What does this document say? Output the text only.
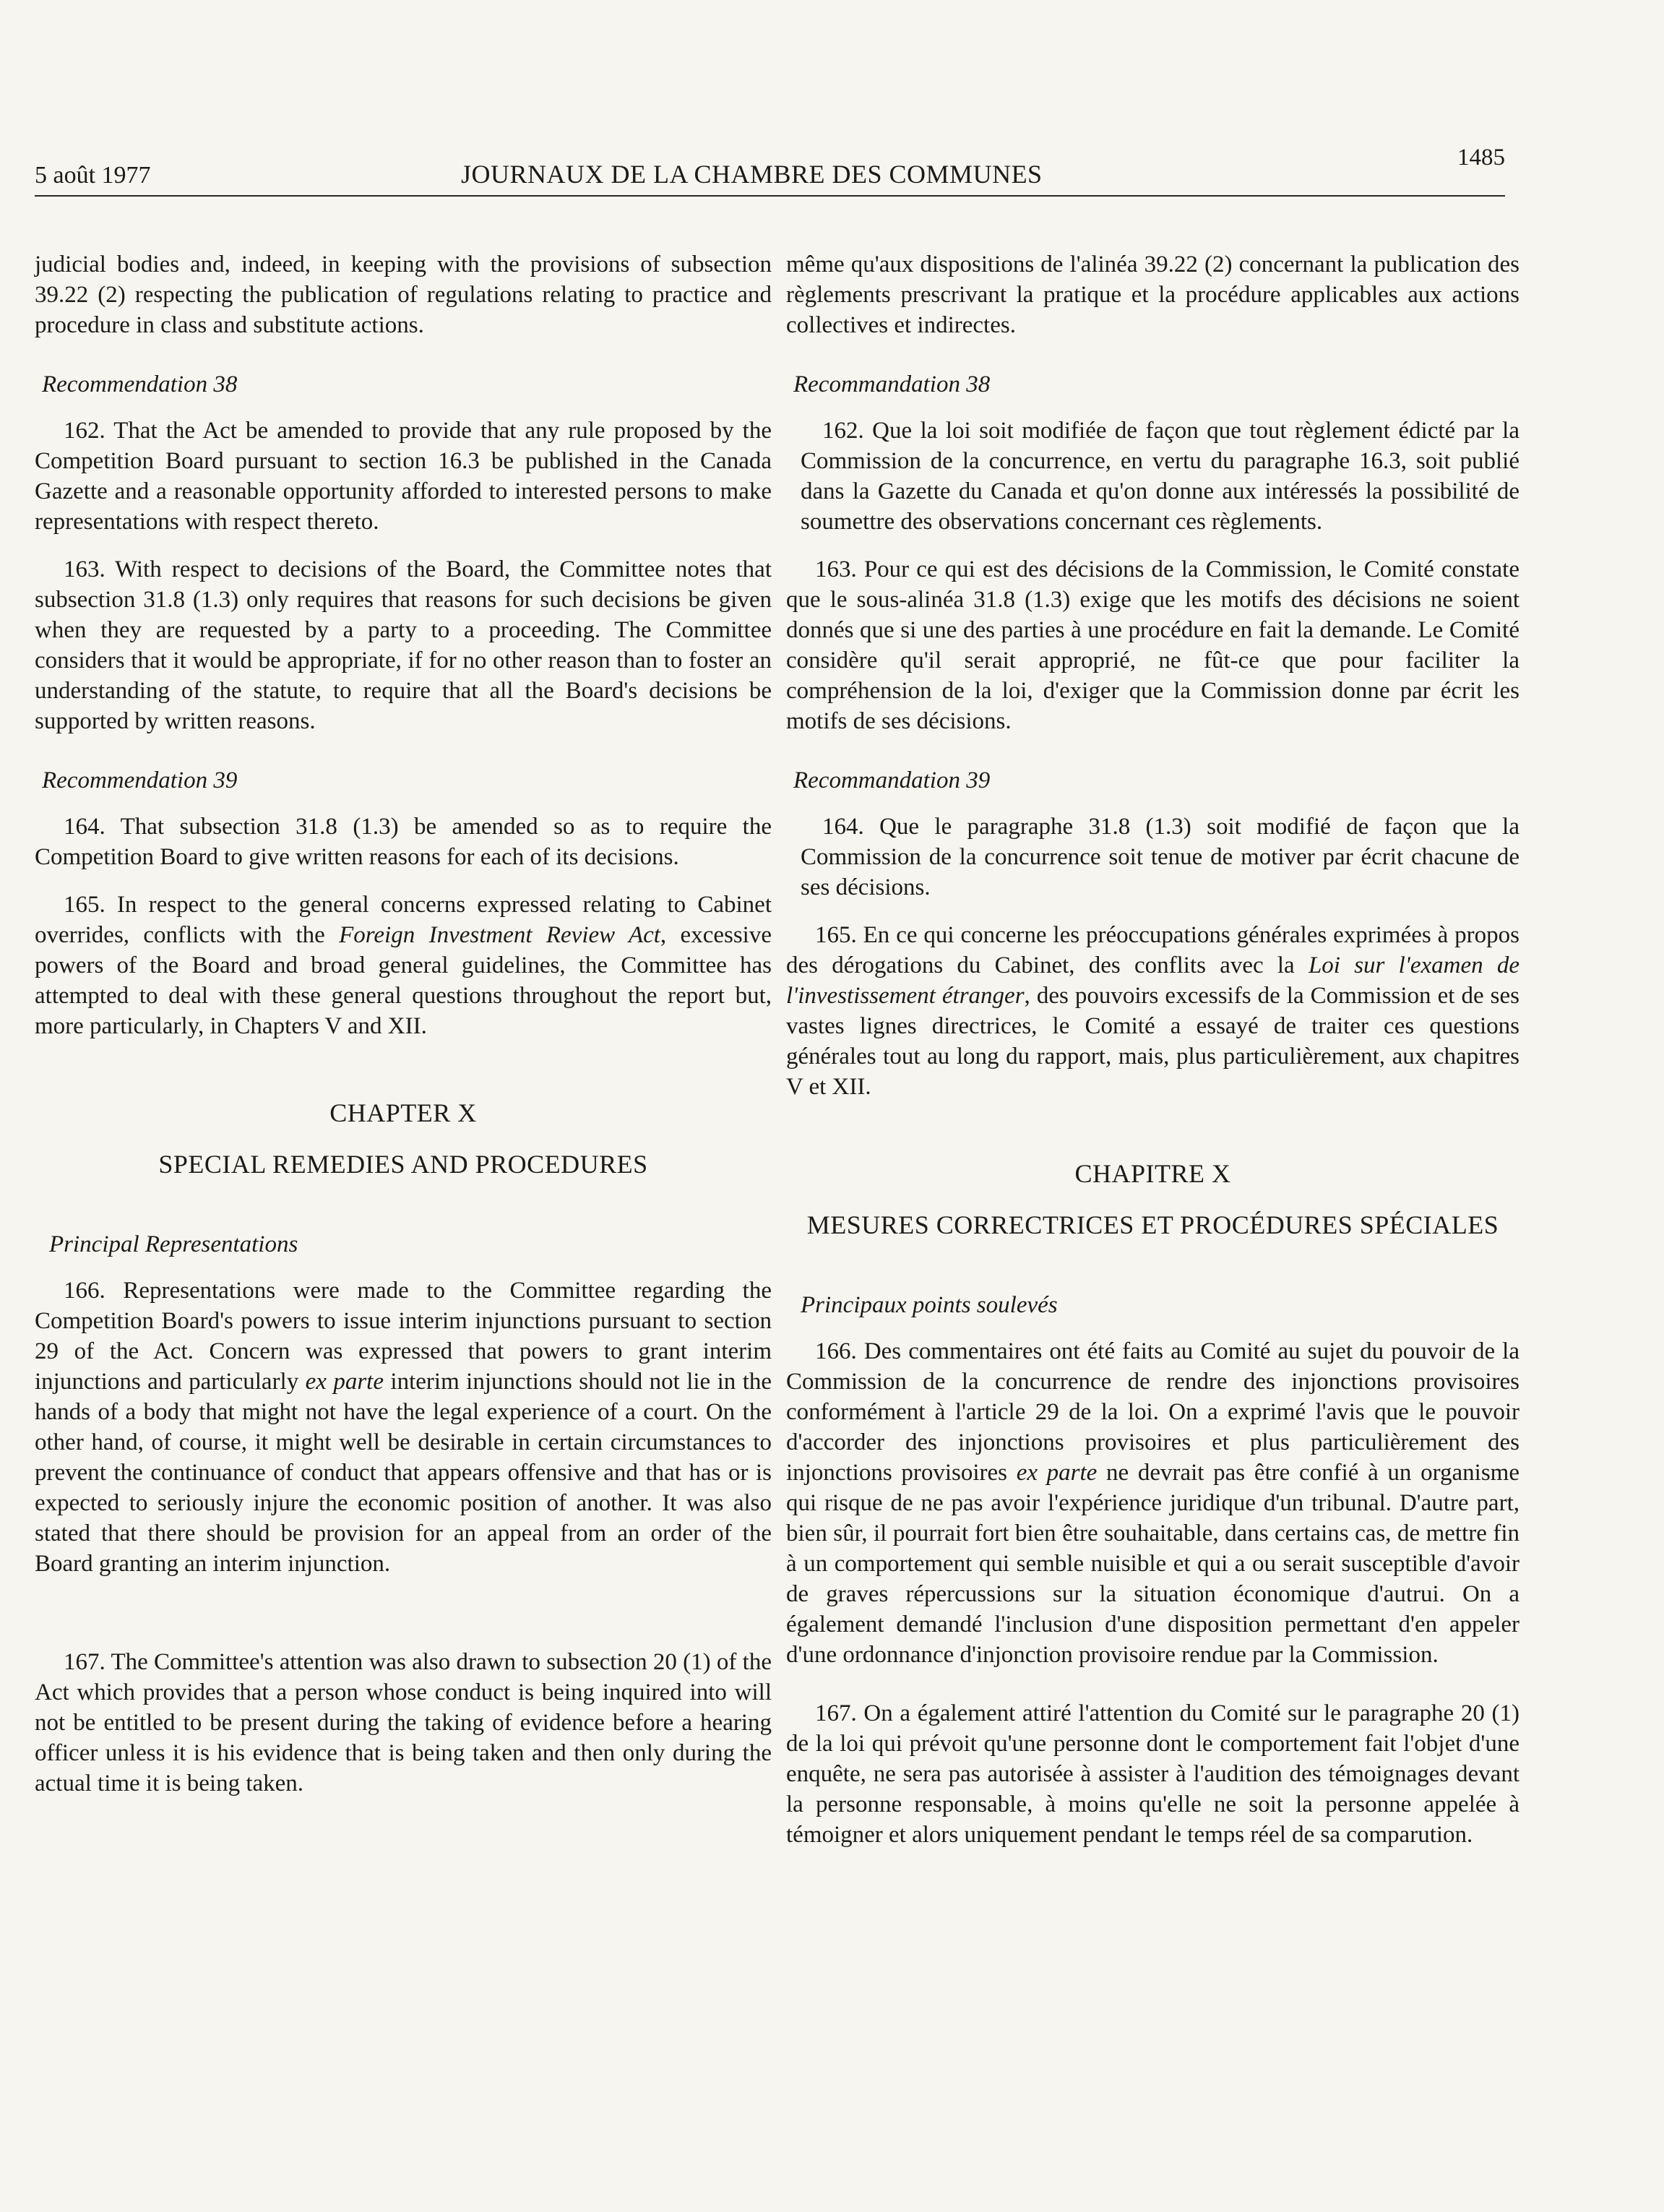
5 août 1977	JOURNAUX DE LA CHAMBRE DES COMMUNES
1485

judicial bodies and, indeed, in keeping with the provisions of subsection 39.22 (2) respecting the publication of regulations relating to practice and procedure in class and substitute actions.

Recommendation 38

162. That the Act be amended to provide that any rule proposed by the Competition Board pursuant to section 16.3 be published in the Canada Gazette and a reasonable opportunity afforded to interested persons to make representations with respect thereto.

163. With respect to decisions of the Board, the Committee notes that subsection 31.8 (1.3) only requires that reasons for such decisions be given when they are requested by a party to a proceeding. The Committee considers that it would be appropriate, if for no other reason than to foster an understanding of the statute, to require that all the Board's decisions be supported by written reasons.

Recommendation 39

164. That subsection 31.8 (1.3) be amended so as to require the Competition Board to give written reasons for each of its decisions.

165. In respect to the general concerns expressed relating to Cabinet overrides, conflicts with the Foreign Investment Review Act, excessive powers of the Board and broad general guidelines, the Committee has attempted to deal with these general questions throughout the report but, more particularly, in Chapters V and XII.

CHAPTER X
SPECIAL REMEDIES AND PROCEDURES
Principal Representations

166. Representations were made to the Committee regarding the Competition Board's powers to issue interim injunctions pursuant to section 29 of the Act. Concern was expressed that powers to grant interim injunctions and particularly ex parte interim injunctions should not lie in the hands of a body that might not have the legal experience of a court. On the other hand, of course, it might well be desirable in certain circumstances to prevent the continuance of conduct that appears offensive and that has or is expected to seriously injure the economic position of another. It was also stated that there should be provision for an appeal from an order of the Board granting an interim injunction.

167. The Committee's attention was also drawn to subsection 20 (1) of the Act which provides that a person whose conduct is being inquired into will not be entitled to be present during the taking of evidence before a hearing officer unless it is his evidence that is being taken and then only during the actual time it is being taken.

même qu'aux dispositions de l'alinéa 39.22 (2) concernant la publication des règlements prescrivant la pratique et la procédure applicables aux actions collectives et indirectes.

Recommandation 38

162. Que la loi soit modifiée de façon que tout règlement édicté par la Commission de la concurrence, en vertu du paragraphe 16.3, soit publié dans la Gazette du Canada et qu'on donne aux intéressés la possibilité de soumettre des observations concernant ces règlements.

163. Pour ce qui est des décisions de la Commission, le Comité constate que le sous-alinéa 31.8 (1.3) exige que les motifs des décisions ne soient donnés que si une des parties à une procédure en fait la demande. Le Comité considère qu'il serait approprié, ne fût-ce que pour faciliter la compréhension de la loi, d'exiger que la Commission donne par écrit les motifs de ses décisions.

Recommandation 39

164. Que le paragraphe 31.8 (1.3) soit modifié de façon que la Commission de la concurrence soit tenue de motiver par écrit chacune de ses décisions.

165. En ce qui concerne les préoccupations générales exprimées à propos des dérogations du Cabinet, des conflits avec la Loi sur l'examen de l'investissement étranger, des pouvoirs excessifs de la Commission et de ses vastes lignes directrices, le Comité a essayé de traiter ces questions générales tout au long du rapport, mais, plus particulièrement, aux chapitres V et XII.

CHAPITRE X
MESURES CORRECTRICES ET PROCÉDURES SPÉCIALES
Principaux points soulevés

166. Des commentaires ont été faits au Comité au sujet du pouvoir de la Commission de la concurrence de rendre des injonctions provisoires conformément à l'article 29 de la loi. On a exprimé l'avis que le pouvoir d'accorder des injonctions provisoires et plus particulièrement des injonctions provisoires ex parte ne devrait pas être confié à un organisme qui risque de ne pas avoir l'expérience juridique d'un tribunal. D'autre part, bien sûr, il pourrait fort bien être souhaitable, dans certains cas, de mettre fin à un comportement qui semble nuisible et qui a ou serait susceptible d'avoir de graves répercussions sur la situation économique d'autrui. On a également demandé l'inclusion d'une disposition permettant d'en appeler d'une ordonnance d'injonction provisoire rendue par la Commission.

167. On a également attiré l'attention du Comité sur le paragraphe 20 (1) de la loi qui prévoit qu'une personne dont le comportement fait l'objet d'une enquête, ne sera pas autorisée à assister à l'audition des témoignages devant la personne responsable, à moins qu'elle ne soit la personne appelée à témoigner et alors uniquement pendant le temps réel de sa comparution.
